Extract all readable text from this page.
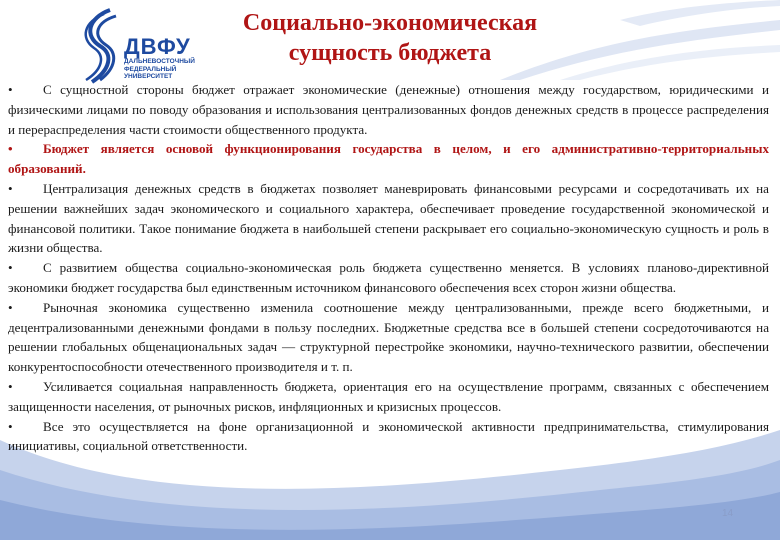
ДВФУ
ДАЛЬНЕВОСТОЧНЫЙ ФЕДЕРАЛЬНЫЙ УНИВЕРСИТЕТ
Социально-экономическая
сущность бюджета

• С сущностной стороны бюджет отражает экономические (денежные) отношения между государством, юридическими и физическими лицами по поводу образования и использования централизованных фондов денежных средств в процессе распределения и перераспределения части стоимости общественного продукта.

• Бюджет является основой функционирования государства в целом, и его административно-территориальных образований.

• Централизация денежных средств в бюджетах позволяет маневрировать финансовыми ресурсами и сосредотачивать их на решении важнейших задач экономического и социального характера, обеспечивает проведение государственной экономической и финансовой политики. Такое понимание бюджета в наибольшей степени раскрывает его социально-экономическую сущность и роль в жизни общества.

• С развитием общества социально-экономическая роль бюджета существенно меняется. В условиях планово-директивной экономики бюджет государства был единственным источником финансового обеспечения всех сторон жизни общества.

• Рыночная экономика существенно изменила соотношение между централизованными, прежде всего бюджетными, и децентрализованными денежными фондами в пользу последних. Бюджетные средства все в большей степени сосредоточиваются на решении глобальных общенациональных задач — структурной перестройке экономики, научно-технического развитии, обеспечении конкурентоспособности отечественного производителя и т. п.

• Усиливается социальная направленность бюджета, ориентация его на осуществление программ, связанных с обеспечением защищенности населения, от рыночных рисков, инфляционных и кризисных процессов.

• Все это осуществляется на фоне организационной и экономической активности предпринимательства, стимулирования инициативы, социальной ответственности.

14
